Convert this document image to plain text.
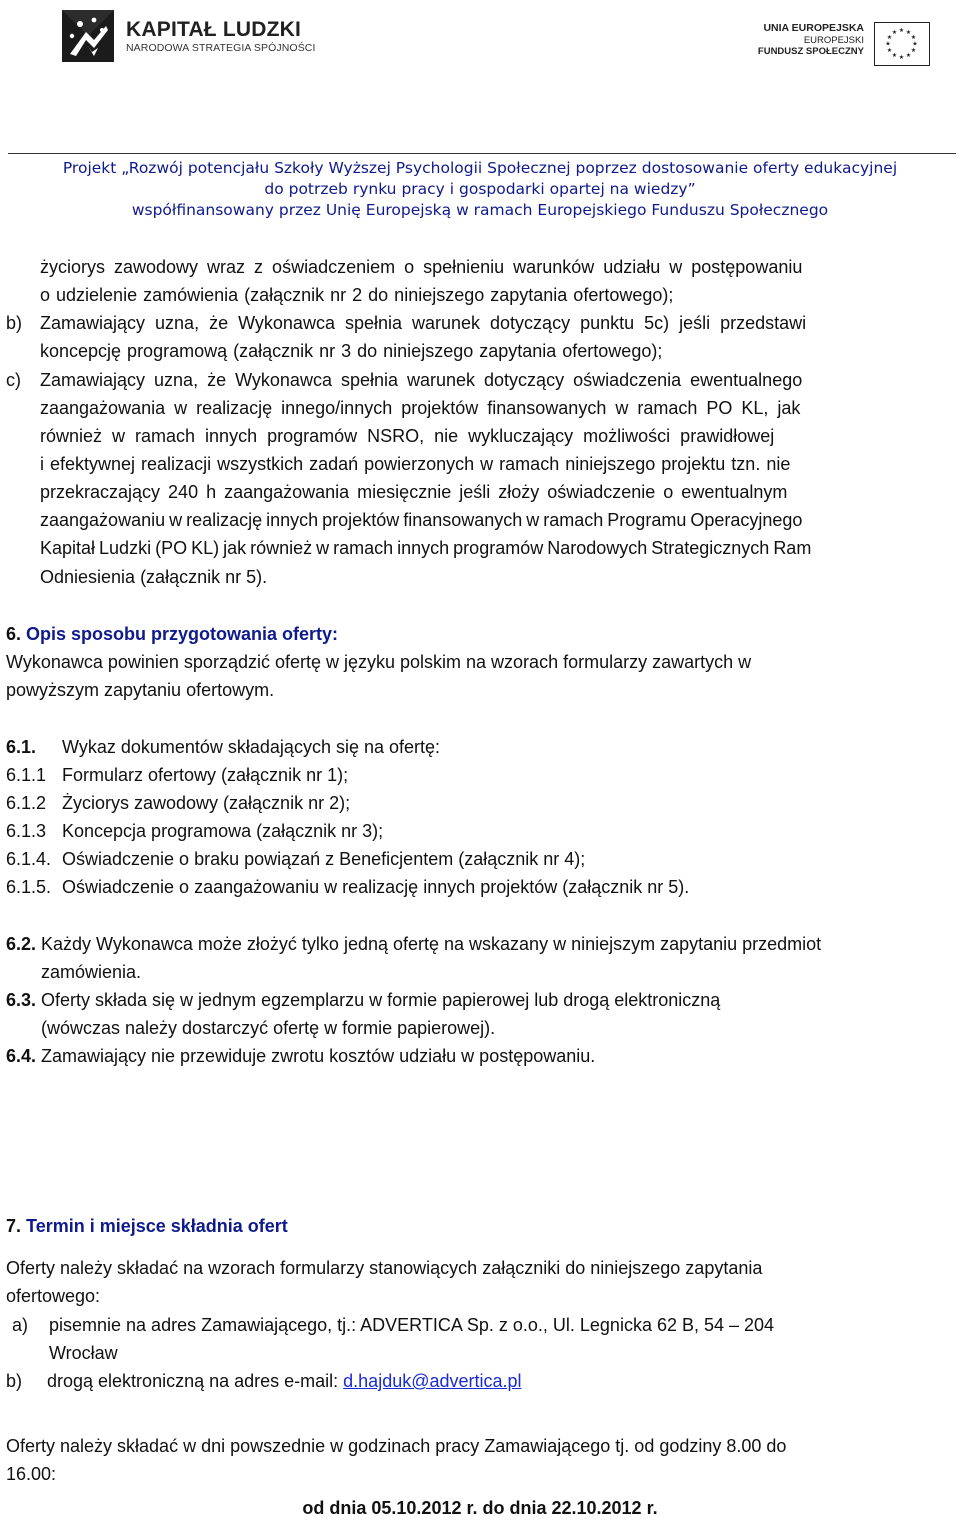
KAPITAŁ LUDZKI
NARODOWA STRATEGIA SPÓJNOŚCI
UNIA EUROPEJSKA
EUROPEJSKI
FUNDUSZ SPOŁECZNY
★ ★
★
★
★
★
★
★
★
★
★
★
Projekt „Rozwój potencjału Szkoły Wyższej Psychologii Społecznej poprzez dostosowanie oferty edukacyjnej
do potrzeb rynku pracy i gospodarki opartej na wiedzy”
współfinansowany przez Unię Europejską w ramach Europejskiego Funduszu Społecznego
życiorys zawodowy wraz z oświadczeniem o spełnieniu warunków udziału w postępowaniu
o udzielenie zamówienia (załącznik nr 2 do niniejszego zapytania ofertowego);
b) Zamawiający uzna, że Wykonawca spełnia warunek dotyczący punktu 5c) jeśli przedstawi
koncepcję programową (załącznik nr 3 do niniejszego zapytania ofertowego);
c) Zamawiający uzna, że Wykonawca spełnia warunek dotyczący oświadczenia ewentualnego
zaangażowania w realizację innego/innych projektów finansowanych w ramach PO KL, jak
również w ramach innych programów NSRO, nie wykluczający możliwości prawidłowej
i efektywnej realizacji wszystkich zadań powierzonych w ramach niniejszego projektu tzn. nie
przekraczający 240 h zaangażowania miesięcznie jeśli złoży oświadczenie o ewentualnym
zaangażowaniu w realizację innych projektów finansowanych w ramach Programu Operacyjnego
Kapitał Ludzki (PO KL) jak również w ramach innych programów Narodowych Strategicznych Ram
Odniesienia (załącznik nr 5).
6. Opis sposobu przygotowania oferty:
Wykonawca powinien sporządzić ofertę w języku polskim na wzorach formularzy zawartych w
powyższym zapytaniu ofertowym.
6.1. Wykaz dokumentów składających się na ofertę:
6.1.1 Formularz ofertowy (załącznik nr 1);
6.1.2 Życiorys zawodowy (załącznik nr 2);
6.1.3 Koncepcja programowa (załącznik nr 3);
6.1.4. Oświadczenie o braku powiązań z Beneficjentem (załącznik nr 4);
6.1.5. Oświadczenie o zaangażowaniu w realizację innych projektów (załącznik nr 5).
6.2. Każdy Wykonawca może złożyć tylko jedną ofertę na wskazany w niniejszym zapytaniu przedmiot
zamówienia.
6.3. Oferty składa się w jednym egzemplarzu w formie papierowej lub drogą elektroniczną
(wówczas należy dostarczyć ofertę w formie papierowej).
6.4. Zamawiający nie przewiduje zwrotu kosztów udziału w postępowaniu.
7. Termin i miejsce składnia ofert
Oferty należy składać na wzorach formularzy stanowiących załączniki do niniejszego zapytania
ofertowego:
a) pisemnie na adres Zamawiającego, tj.: ADVERTICA Sp. z o.o., Ul. Legnicka 62 B, 54 – 204
Wrocław
b) drogą elektroniczną na adres e-mail: d.hajduk@advertica.pl
Oferty należy składać w dni powszednie w godzinach pracy Zamawiającego tj. od godziny 8.00 do
16.00:
od dnia 05.10.2012 r. do dnia 22.10.2012 r.
